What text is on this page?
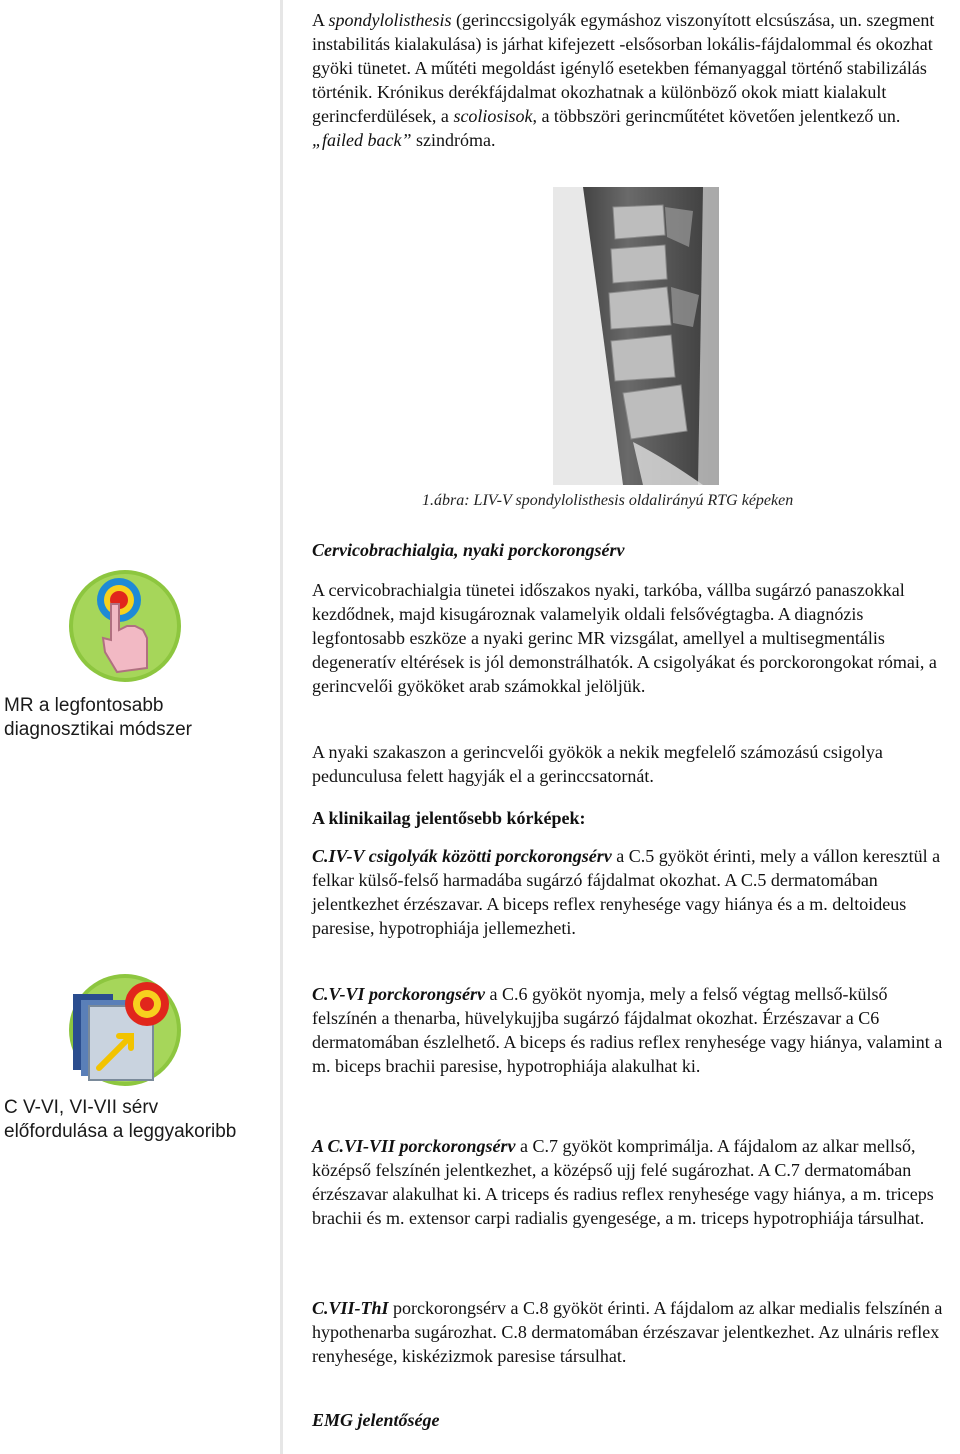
A spondylolisthesis (gerinccsigolyák egymáshoz viszonyított elcsúszása, un. szegment instabilitás kialakulása) is járhat kifejezett -elsősorban lokális-fájdalommal és okozhat gyöki tünetet. A műtéti megoldást igénylő esetekben fémanyaggal történő stabilizálás történik. Krónikus derékfájdalmat okozhatnak a különböző okok miatt kialakult gerincferdülések, a scoliosisok, a többszöri gerincműtétet követően jelentkező un. „failed back” szindróma.

1.ábra: LIV-V spondylolisthesis oldalirányú RTG képeken
Cervicobrachialgia, nyaki porckorongsérv
MR a legfontosabb diagnosztikai módszer

A cervicobrachialgia tünetei időszakos nyaki, tarkóba, vállba sugárzó panaszokkal kezdődnek, majd kisugároznak valamelyik oldali felsővégtagba. A diagnózis legfontosabb eszköze a nyaki gerinc MR vizsgálat, amellyel a multisegmentális degeneratív eltérések is jól demonstrálhatók. A csigolyákat és porckorongokat római, a gerincvelői gyököket arab számokkal jelöljük.

A nyaki szakaszon a gerincvelői gyökök a nekik megfelelő számozású csigolya pedunculusa felett hagyják el a gerinccsatornát.

A klinikailag jelentősebb kórképek:

C.IV-V csigolyák közötti porckorongsérv a C.5 gyököt érinti, mely a vállon keresztül a felkar külső-felső harmadába sugárzó fájdalmat okozhat. A C.5 dermatomában jelentkezhet érzészavar. A biceps reflex renyhesége vagy hiánya és a m. deltoideus paresise, hypotrophiája jellemezheti.

C.V-VI porckorongsérv a C.6 gyököt nyomja, mely a felső végtag mellső-külső felszínén a thenarba, hüvelykujjba sugárzó fájdalmat okozhat. Érzészavar a C6 dermatomában észlelhető. A biceps és radius reflex renyhesége vagy hiánya, valamint a m. biceps brachii paresise, hypotrophiája alakulhat ki.

A C.VI-VII porckorongsérv a C.7 gyököt komprimálja. A fájdalom az alkar mellső, középső felszínén jelentkezhet, a középső ujj felé sugározhat. A C.7 dermatomában érzészavar alakulhat ki. A triceps és radius reflex renyhesége vagy hiánya, a m. triceps brachii és m. extensor carpi radialis gyengesége, a m. triceps hypotrophiája társulhat.

C.VII-ThI porckorongsérv a C.8 gyököt érinti. A fájdalom az alkar medialis felszínén a hypothenarba sugározhat. C.8 dermatomában érzészavar jelentkezhet. Az ulnáris reflex renyhesége, kiskézizmok paresise társulhat.

C V-VI, VI-VII sérv előfordulása a leggyakoribb
EMG jelentősége
